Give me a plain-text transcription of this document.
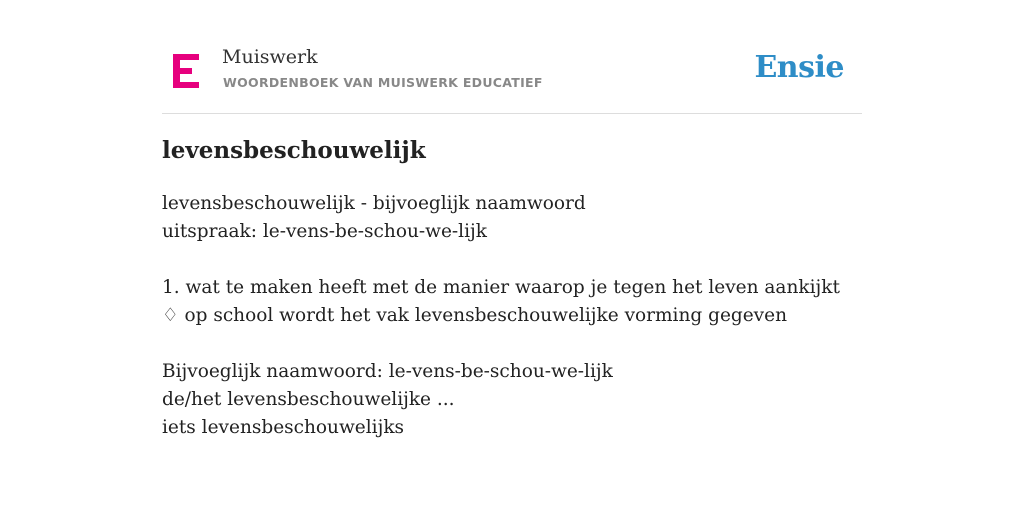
Muiswerk
WOORDENBOEK VAN MUISWERK EDUCATIEF	Ensie
levensbeschouwelijk
levensbeschouwelijk - bijvoeglijk naamwoord
uitspraak: le-vens-be-schou-we-lijk
1. wat te maken heeft met de manier waarop je tegen het leven aankijkt
♢ op school wordt het vak levensbeschouwelijke vorming gegeven
Bijvoeglijk naamwoord: le-vens-be-schou-we-lijk
de/het levensbeschouwelijke ...
iets levensbeschouwelijks
